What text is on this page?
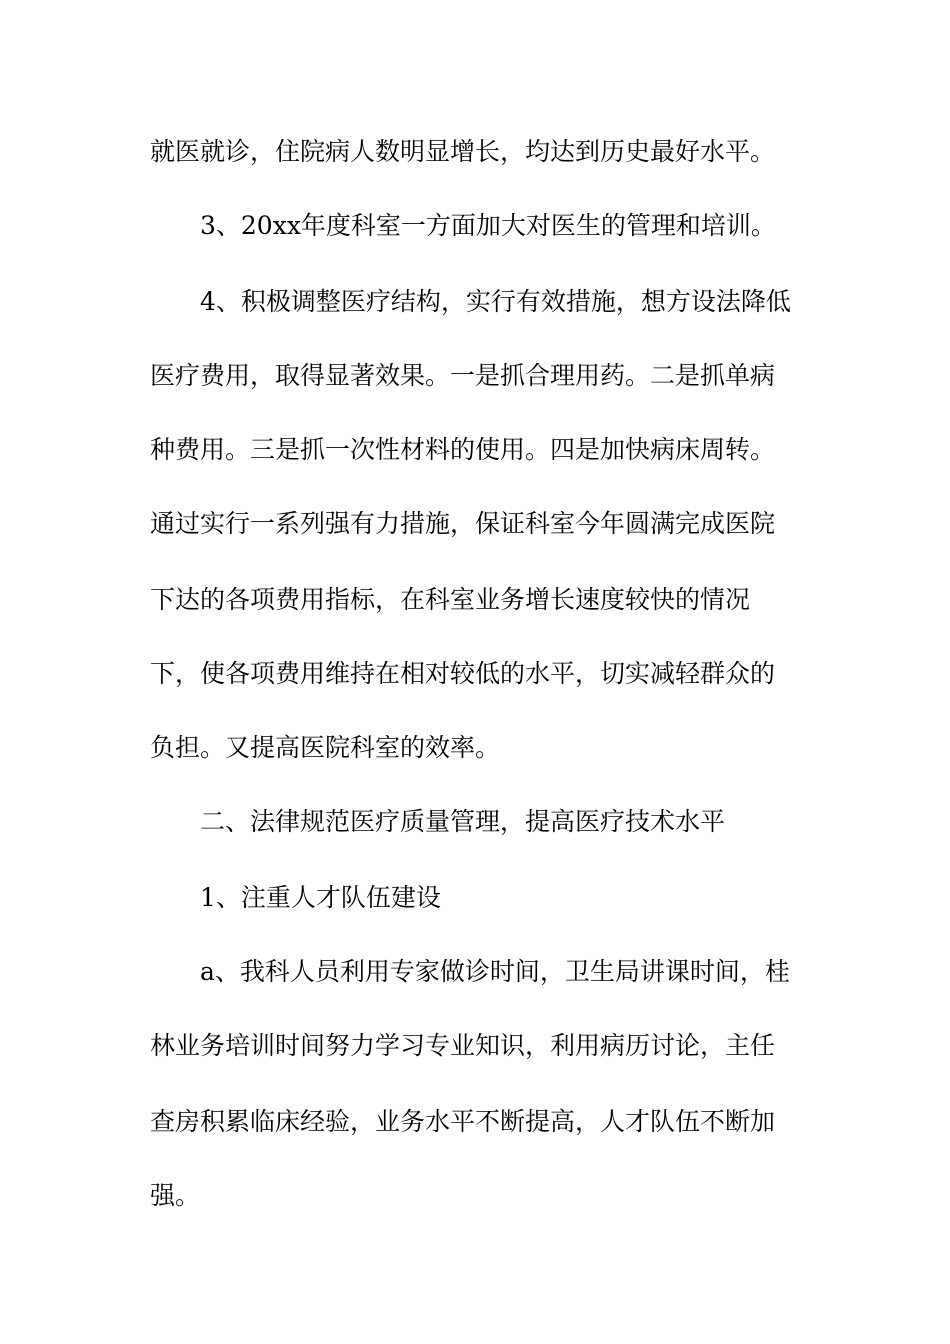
就医就诊，住院病人数明显增长，均达到历史最好水平。
3、20xx年度科室一方面加大对医生的管理和培训。
4、积极调整医疗结构，实行有效措施，想方设法降低
医疗费用，取得显著效果。一是抓合理用药。二是抓单病
种费用。三是抓一次性材料的使用。四是加快病床周转。
通过实行一系列强有力措施，保证科室今年圆满完成医院
下达的各项费用指标，在科室业务增长速度较快的情况
下，使各项费用维持在相对较低的水平，切实减轻群众的
负担。又提高医院科室的效率。
二、法律规范医疗质量管理，提高医疗技术水平
1、注重人才队伍建设
a、我科人员利用专家做诊时间，卫生局讲课时间，桂
林业务培训时间努力学习专业知识，利用病历讨论，主任
查房积累临床经验，业务水平不断提高，人才队伍不断加
强。
